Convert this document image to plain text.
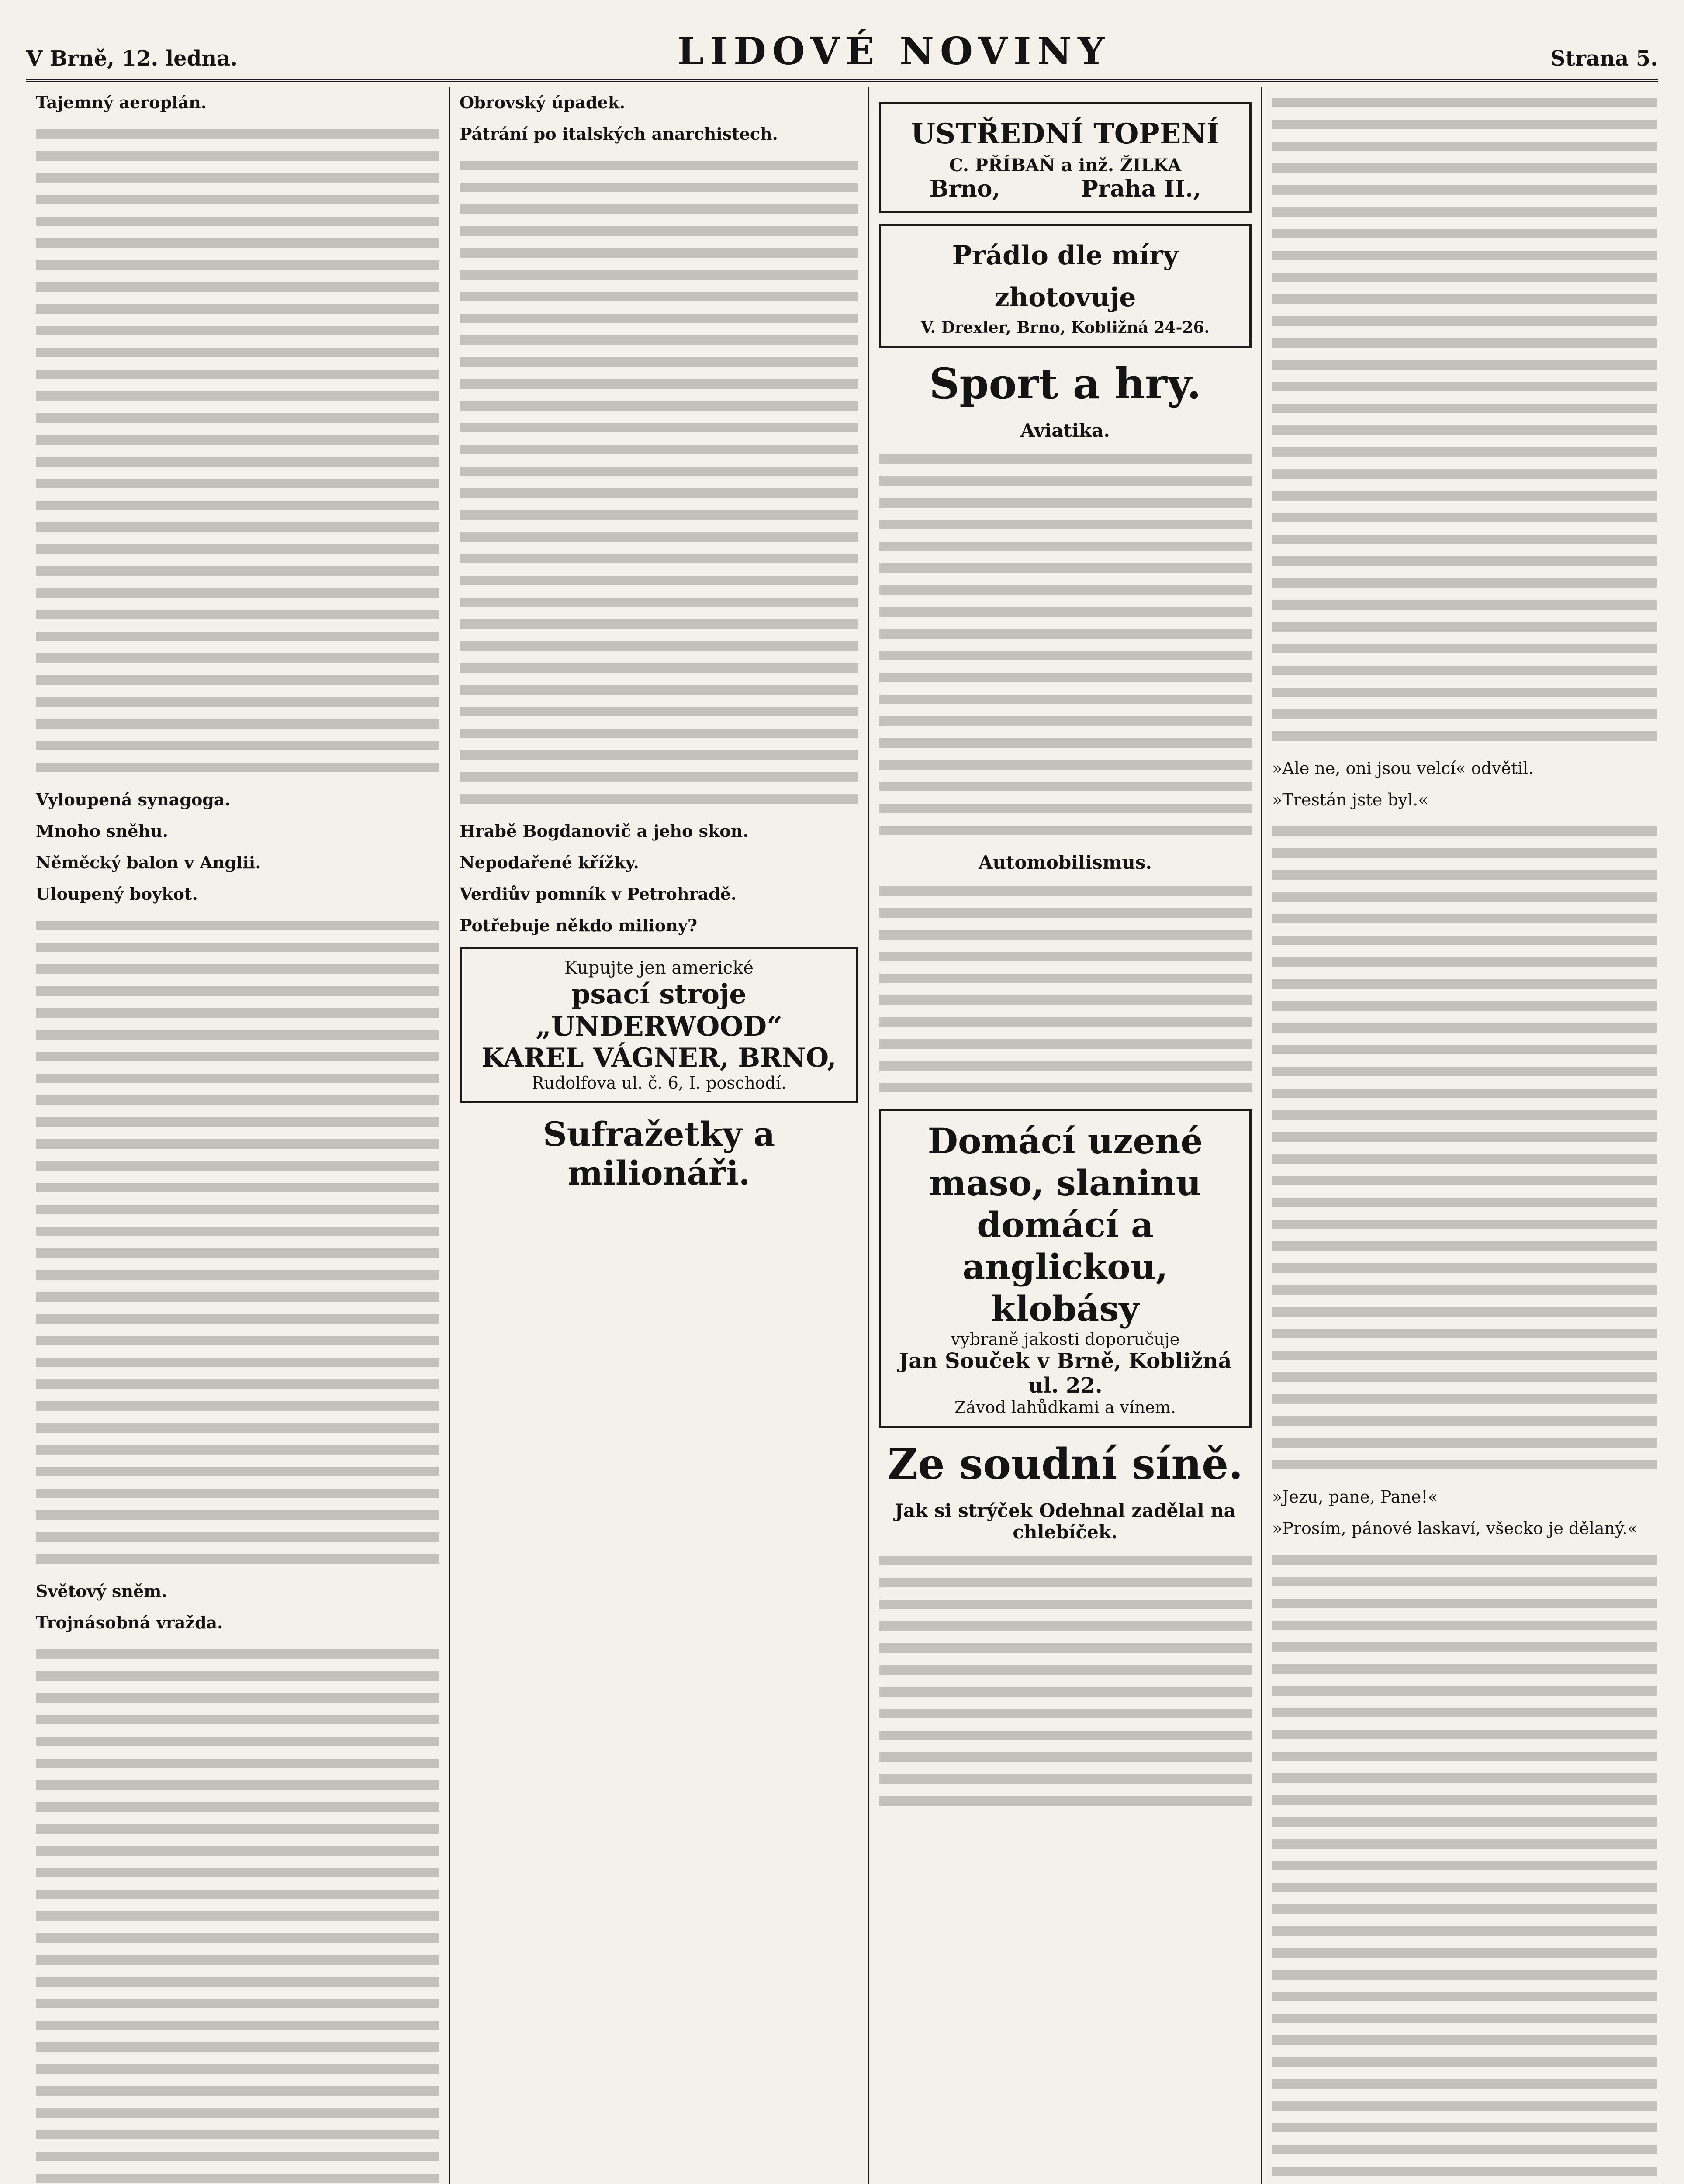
V Brně, 12. ledna.	LIDOVÉ NOVINY	Strana 5.

Tajemný aeroplán.

Vyloupená synagoga.

Mnoho sněhu.

Něměcký balon v Anglii.

Uloupený boykot.

Světový sněm.

Trojnásobná vražda.

Obrovský úpadek.

Pátrání po italských anarchistech.

Hrabě Bogdanovič a jeho skon.

Nepodařené křížky.

Verdiův pomník v Petrohradě.

Potřebuje někdo miliony?

Kupujte jen americké
psací stroje „UNDERWOOD“
KAREL VÁGNER, BRNO,
Rudolfova ul. č. 6, I. poschodí.
Sufražetky a milionáři.
USTŘEDNÍ TOPENÍ
C. PŘÍBAŇ a inž. ŽILKA
Brno,	Praha II.,
Prádlo dle míry zhotovuje
V. Drexler, Brno, Kobližná 24-26.
Sport a hry.
Aviatika.
Automobilismus.
Domácí uzené maso, slaninu domácí a anglickou, klobásy
vybraně jakosti doporučuje
Jan Souček v Brně, Kobližná ul. 22.
Závod lahůdkami a vínem.
Ze soudní síně.
Jak si strýček Odehnal zadělal na chlebíček.

»Ale ne, oni jsou velcí« odvětil.

»Trestán jste byl.«

»Jezu, pane, Pane!«

»Prosím, pánové laskaví, všecko je dělaný.«
